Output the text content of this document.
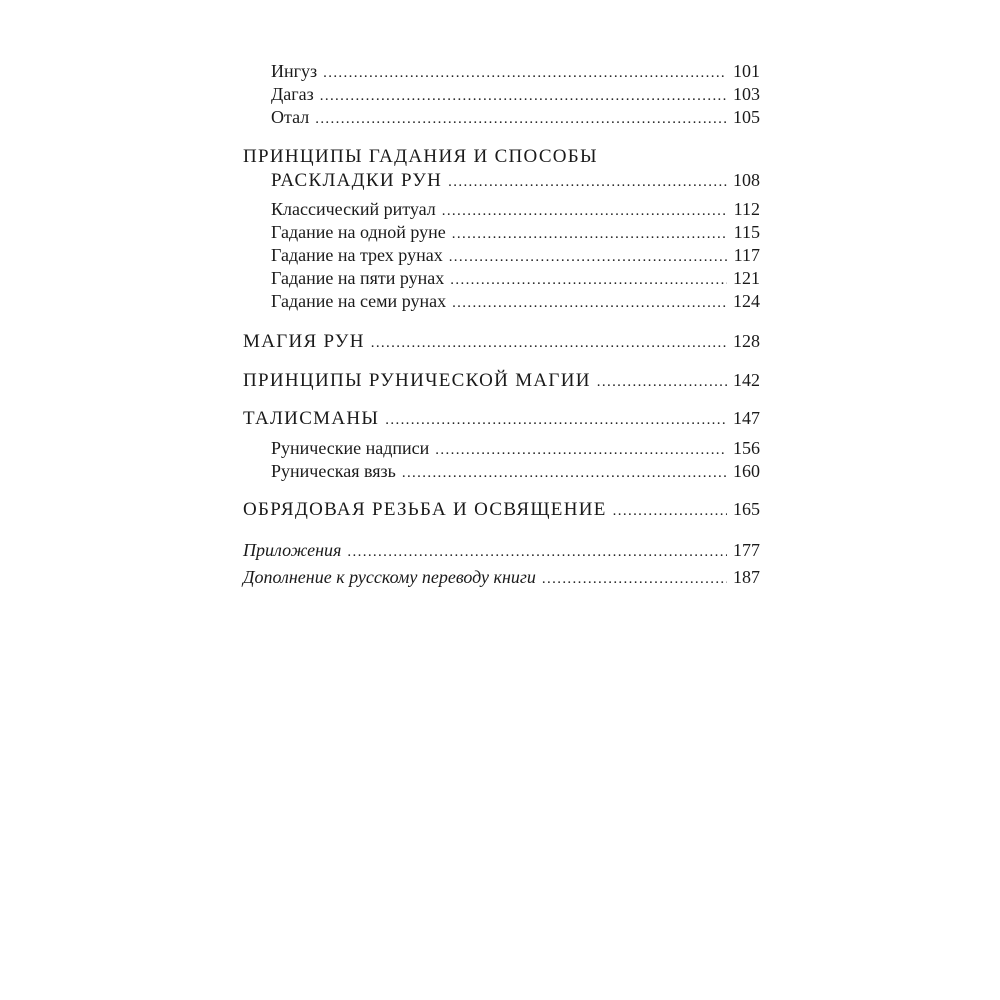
Ингуз . . .	101
Дагаз . . .	103
Отал . . .	105
ПРИНЦИПЫ ГАДАНИЯ И СПОСОБЫ
РАСКЛАДКИ РУН . . .	108
Классический ритуал . . .	112
Гадание на одной руне . . .	115
Гадание на трех рунах . . .	117
Гадание на пяти рунах . . .	121
Гадание на семи рунах . . .	124
МАГИЯ РУН . . .	128
ПРИНЦИПЫ РУНИЧЕСКОЙ МАГИИ . . .	142
ТАЛИСМАНЫ . . .	147
Рунические надписи . . .	156
Руническая вязь . . .	160
ОБРЯДОВАЯ РЕЗЬБА И ОСВЯЩЕНИЕ . . .	165
Приложения . . .	177
Дополнение к русскому переводу книги . . .	187
